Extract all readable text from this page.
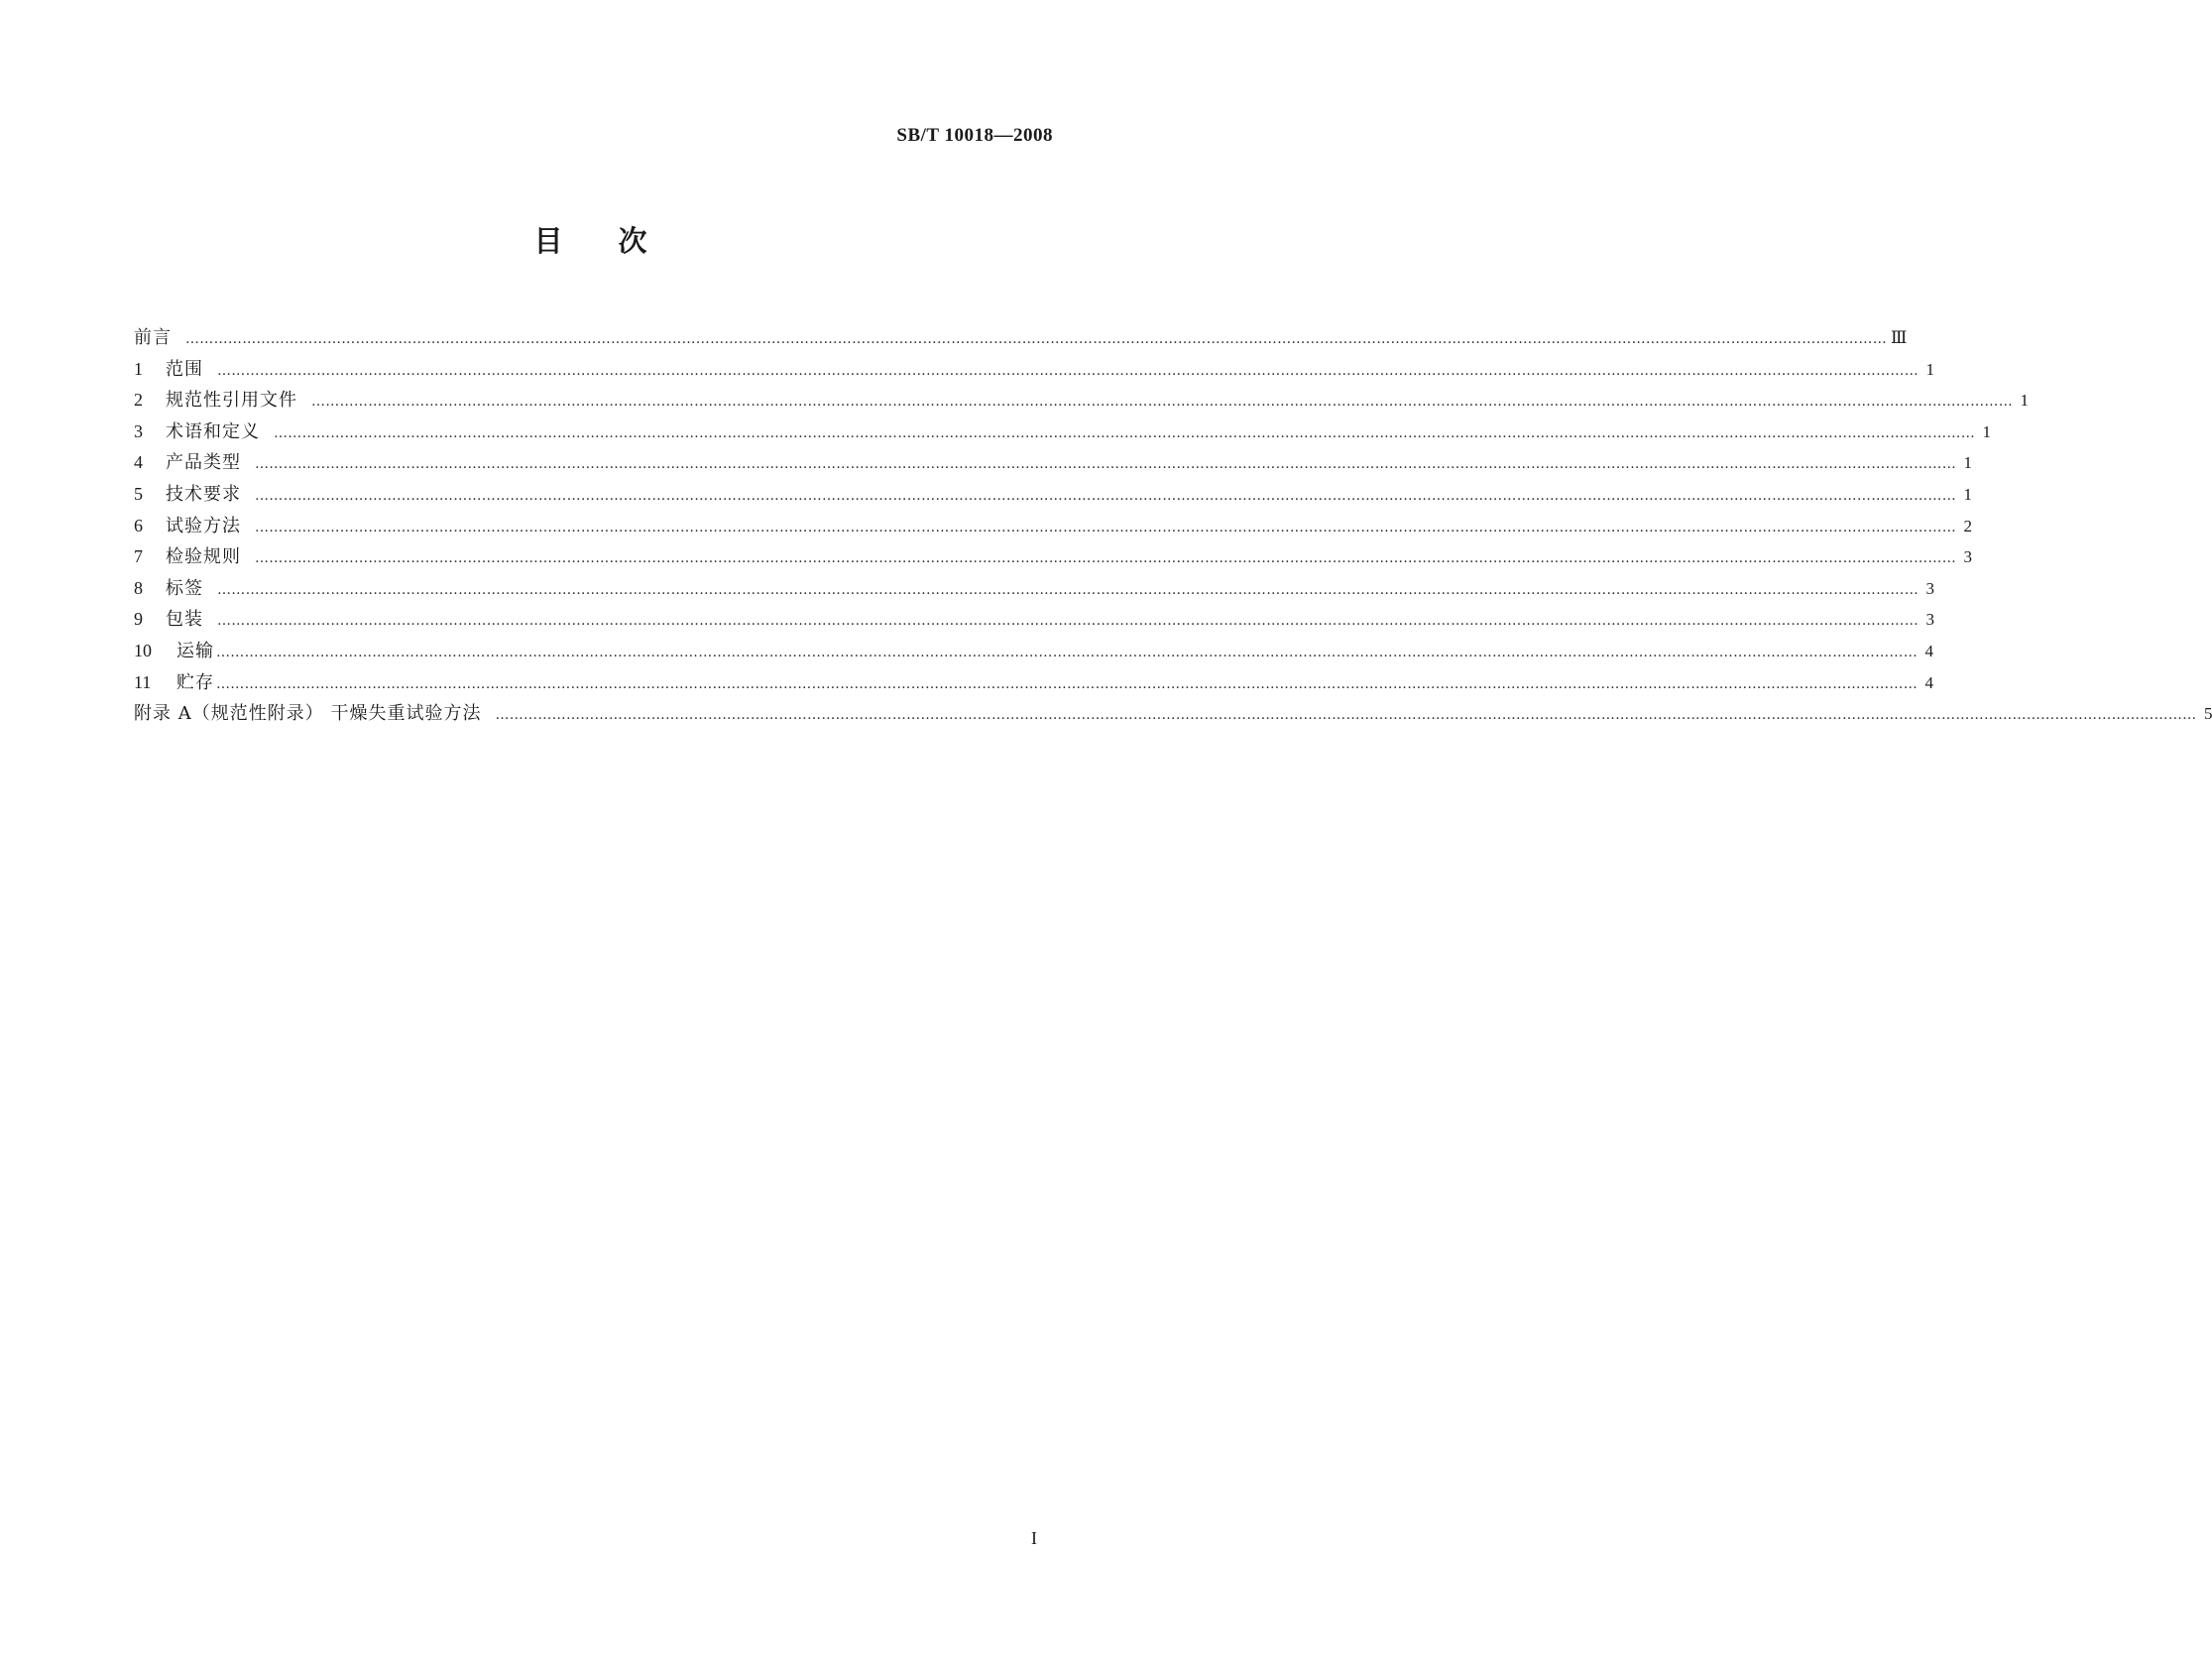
SB/T 10018—2008
目次
前言 ……………………………………………………………………………………………………………………………………………………………………………………………………………………………………………………………………………………………………………………………… Ⅲ
1	范围 ……………………………………………………………………………………………………………………………………………………………………………………………………………………………………………………………………………………………………………………………… 1
2	规范性引用文件 ……………………………………………………………………………………………………………………………………………………………………………………………………………………………………………………………………………………………………………………………… 1
3	术语和定义 ……………………………………………………………………………………………………………………………………………………………………………………………………………………………………………………………………………………………………………………………… 1
4	产品类型 ……………………………………………………………………………………………………………………………………………………………………………………………………………………………………………………………………………………………………………………………… 1
5	技术要求 ……………………………………………………………………………………………………………………………………………………………………………………………………………………………………………………………………………………………………………………………… 1
6	试验方法 ……………………………………………………………………………………………………………………………………………………………………………………………………………………………………………………………………………………………………………………………… 2
7	检验规则 ……………………………………………………………………………………………………………………………………………………………………………………………………………………………………………………………………………………………………………………………… 3
8	标签 ……………………………………………………………………………………………………………………………………………………………………………………………………………………………………………………………………………………………………………………………… 3
9	包装 ……………………………………………………………………………………………………………………………………………………………………………………………………………………………………………………………………………………………………………………………… 3
10	运输 ……………………………………………………………………………………………………………………………………………………………………………………………………………………………………………………………………………………………………………………………… 4
11	贮存 ……………………………………………………………………………………………………………………………………………………………………………………………………………………………………………………………………………………………………………………………… 4
附录 A（规范性附录） 干燥失重试验方法 ……………………………………………………………………………………………………………………………………………………………………………………………………………………………………………………………………………………………………………………………… 5
I
